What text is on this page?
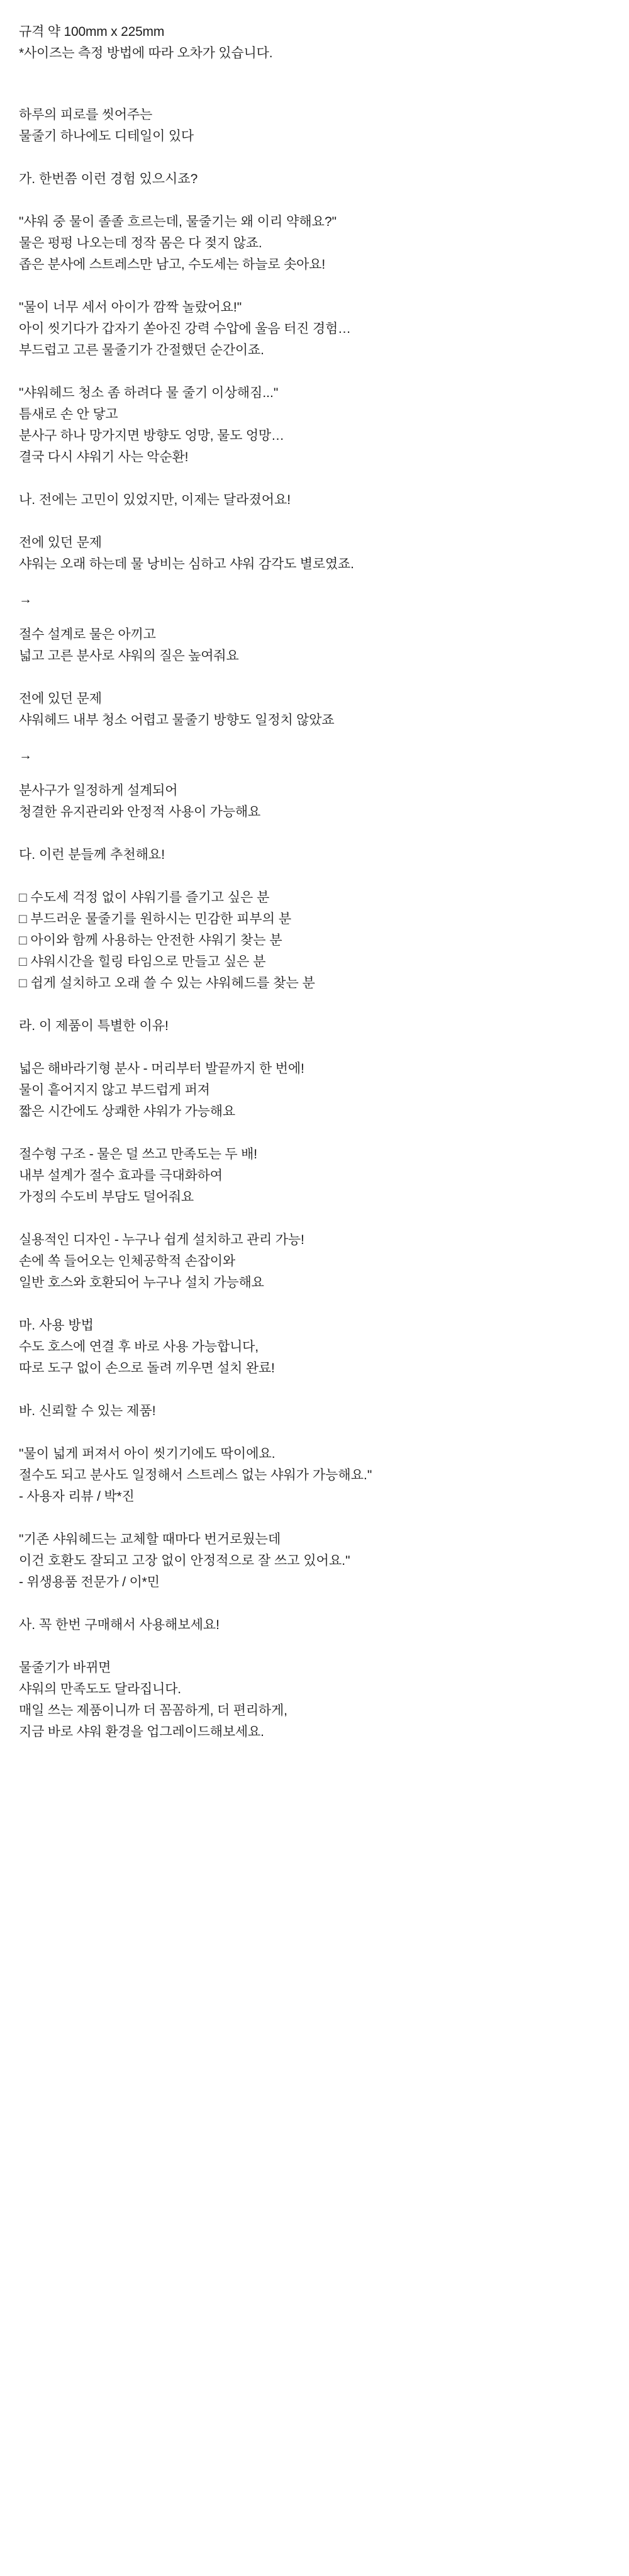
규격 약 100mm x 225mm
*사이즈는 측정 방법에 따라 오차가 있습니다.
하루의 피로를 씻어주는
물줄기 하나에도 디테일이 있다
가. 한번쯤 이런 경험 있으시죠?
"샤워 중 물이 졸졸 흐르는데, 물줄기는 왜 이리 약해요?"
물은 펑펑 나오는데 정작 몸은 다 젖지 않죠.
좁은 분사에 스트레스만 남고, 수도세는 하늘로 솟아요!
"물이 너무 세서 아이가 깜짝 놀랐어요!"
아이 씻기다가 갑자기 쏟아진 강력 수압에 울음 터진 경험…
부드럽고 고른 물줄기가 간절했던 순간이죠.
"샤워헤드 청소 좀 하려다 물 줄기 이상해짐..."
틈새로 손 안 닿고
분사구 하나 망가지면 방향도 엉망, 물도 엉망…
결국 다시 샤워기 사는 악순환!
나. 전에는 고민이 있었지만, 이제는 달라졌어요!
전에 있던 문제
샤워는 오래 하는데 물 낭비는 심하고 샤워 감각도 별로였죠.
→
절수 설계로 물은 아끼고
넓고 고른 분사로 샤워의 질은 높여줘요
전에 있던 문제
샤워헤드 내부 청소 어렵고 물줄기 방향도 일정치 않았죠
→
분사구가 일정하게 설계되어
청결한 유지관리와 안정적 사용이 가능해요
다. 이런 분들께 추천해요!
□ 수도세 걱정 없이 샤워기를 즐기고 싶은 분
□ 부드러운 물줄기를 원하시는 민감한 피부의 분
□ 아이와 함께 사용하는 안전한 샤워기 찾는 분
□ 샤워시간을 힐링 타임으로 만들고 싶은 분
□ 쉽게 설치하고 오래 쓸 수 있는 샤워헤드를 찾는 분
라. 이 제품이 특별한 이유!
넓은 해바라기형 분사 - 머리부터 발끝까지 한 번에!
물이 흩어지지 않고 부드럽게 퍼져
짧은 시간에도 상쾌한 샤워가 가능해요
절수형 구조 - 물은 덜 쓰고 만족도는 두 배!
내부 설계가 절수 효과를 극대화하여
가정의 수도비 부담도 덜어줘요
실용적인 디자인 - 누구나 쉽게 설치하고 관리 가능!
손에 쏙 들어오는 인체공학적 손잡이와
일반 호스와 호환되어 누구나 설치 가능해요
마. 사용 방법
수도 호스에 연결 후 바로 사용 가능합니다,
따로 도구 없이 손으로 돌려 끼우면 설치 완료!
바. 신뢰할 수 있는 제품!
"물이 넓게 퍼져서 아이 씻기기에도 딱이에요.
절수도 되고 분사도 일정해서 스트레스 없는 샤워가 가능해요."
- 사용자 리뷰 / 박*진
"기존 샤워헤드는 교체할 때마다 번거로웠는데
이건 호환도 잘되고 고장 없이 안정적으로 잘 쓰고 있어요."
- 위생용품 전문가 / 이*민
사. 꼭 한번 구매해서 사용해보세요!
물줄기가 바뀌면
샤워의 만족도도 달라집니다.
매일 쓰는 제품이니까 더 꼼꼼하게, 더 편리하게,
지금 바로 샤워 환경을 업그레이드해보세요.
